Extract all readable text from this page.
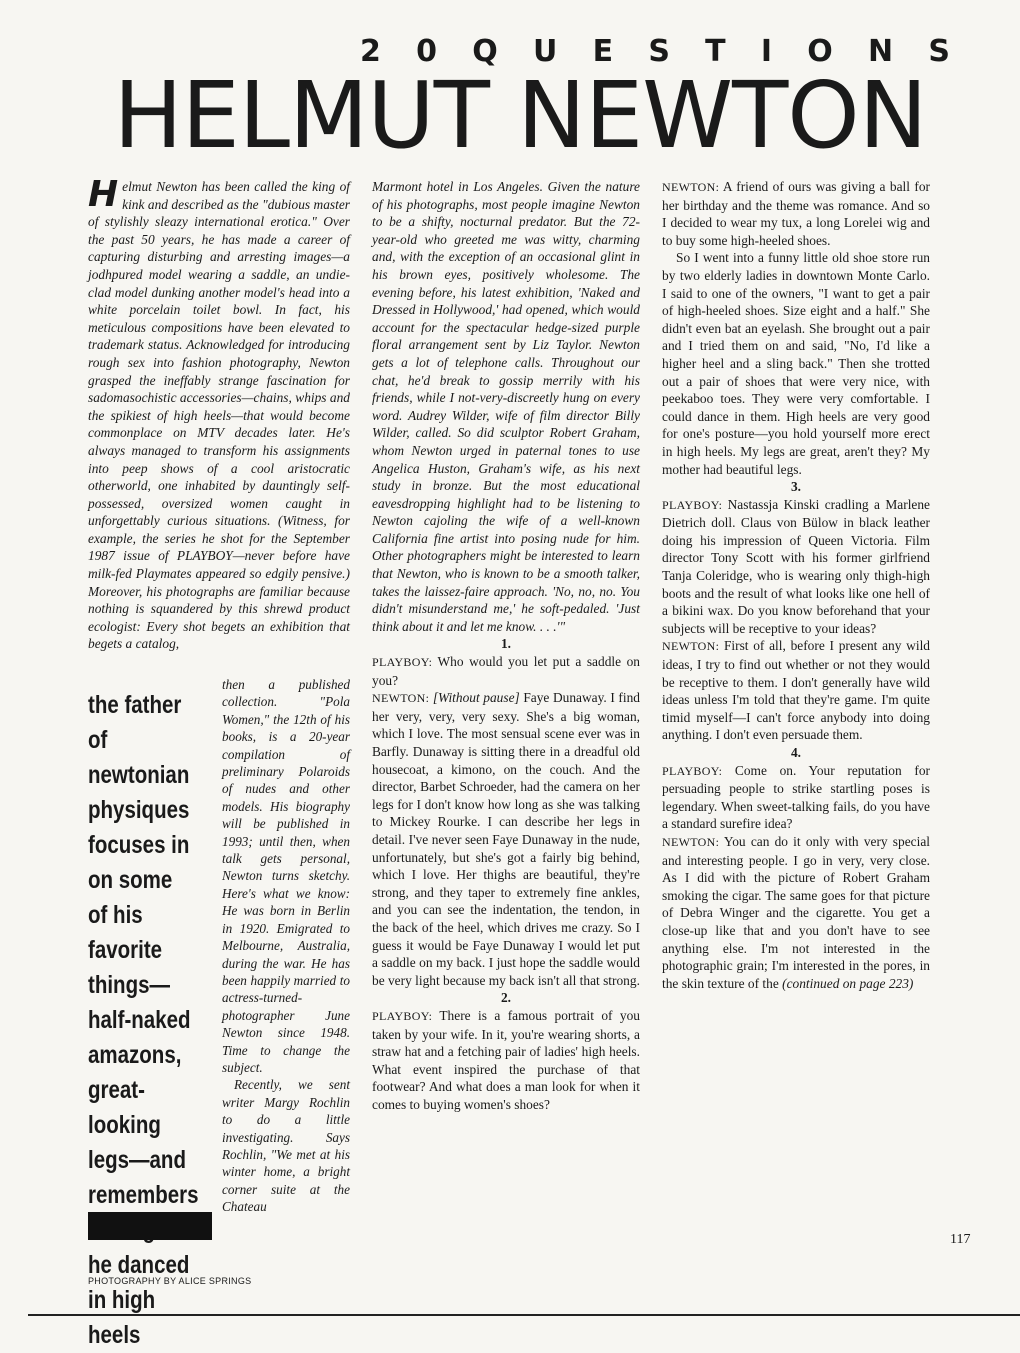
2 0 Q U E S T I O N S
HELMUT NEWTON

Helmut Newton has been called the king of kink and described as the "dubious master of stylishly sleazy international erotica." Over the past 50 years, he has made a career of capturing disturbing and arresting images—a jodhpured model wearing a saddle, an undie-clad model dunking another model's head into a white porcelain toilet bowl. In fact, his meticulous compositions have been elevated to trademark status. Acknowledged for introducing rough sex into fashion photography, Newton grasped the ineffably strange fascination for sadomasochistic accessories—chains, whips and the spikiest of high heels—that would become commonplace on MTV decades later. He's always managed to transform his assignments into peep shows of a cool aristocratic otherworld, one inhabited by dauntingly self-possessed, oversized women caught in unforgettably curious situations. (Witness, for example, the series he shot for the September 1987 issue of PLAYBOY—never before have milk-fed Playmates appeared so edgily pensive.) Moreover, his photographs are familiar because nothing is squandered by this shrewd product ecologist: Every shot begets an exhibition that begets a catalog,

the father of newtonian physiques focuses in on some of his favorite things—half-naked amazons, great-looking legs—and remembers he danced in high heels

then a published collection. "Pola Women," the 12th of his books, is a 20-year compilation of preliminary Polaroids of nudes and other models. His biography will be published in 1993; until then, when talk gets personal, Newton turns sketchy. Here's what we know: He was born in Berlin in 1920. Emigrated to Melbourne, Australia, during the war. He has been happily married to actress-turned-photographer June Newton since 1948. Time to change the subject.

Recently, we sent writer Margy Rochlin to do a little investigating. Says Rochlin, "We met at his winter home, a bright corner suite at the Chateau

Marmont hotel in Los Angeles. Given the nature of his photographs, most people imagine Newton to be a shifty, nocturnal predator. But the 72-year-old who greeted me was witty, charming and, with the exception of an occasional glint in his brown eyes, positively wholesome. The evening before, his latest exhibition, 'Naked and Dressed in Hollywood,' had opened, which would account for the spectacular hedge-sized purple floral arrangement sent by Liz Taylor. Newton gets a lot of telephone calls. Throughout our chat, he'd break to gossip merrily with his friends, while I not-very-discreetly hung on every word. Audrey Wilder, wife of film director Billy Wilder, called. So did sculptor Robert Graham, whom Newton urged in paternal tones to use Angelica Huston, Graham's wife, as his next study in bronze. But the most educational eavesdropping highlight had to be listening to Newton cajoling the wife of a well-known California fine artist into posing nude for him. Other photographers might be interested to learn that Newton, who is known to be a smooth talker, takes the laissez-faire approach. 'No, no, no. You didn't misunderstand me,' he soft-pedaled. 'Just think about it and let me know. . . .'"

1.

PLAYBOY: Who would you let put a saddle on you?

NEWTON: [Without pause] Faye Dunaway. I find her very, very, very sexy. She's a big woman, which I love. The most sensual scene ever was in Barfly. Dunaway is sitting there in a dreadful old housecoat, a kimono, on the couch. And the director, Barbet Schroeder, had the camera on her legs for I don't know how long as she was talking to Mickey Rourke. I can describe her legs in detail. I've never seen Faye Dunaway in the nude, unfortunately, but she's got a fairly big behind, which I love. Her thighs are beautiful, they're strong, and they taper to extremely fine ankles, and you can see the indentation, the tendon, in the back of the heel, which drives me crazy. So I guess it would be Faye Dunaway I would let put a saddle on my back. I just hope the saddle would be very light because my back isn't all that strong.

2.

PLAYBOY: There is a famous portrait of you taken by your wife. In it, you're wearing shorts, a straw hat and a fetching pair of ladies' high heels. What event inspired the purchase of that footwear? And what does a man look for when it comes to buying women's shoes?

NEWTON: A friend of ours was giving a ball for her birthday and the theme was romance. And so I decided to wear my tux, a long Lorelei wig and to buy some high-heeled shoes.

So I went into a funny little old shoe store run by two elderly ladies in downtown Monte Carlo. I said to one of the owners, "I want to get a pair of high-heeled shoes. Size eight and a half." She didn't even bat an eyelash. She brought out a pair and I tried them on and said, "No, I'd like a higher heel and a sling back." Then she trotted out a pair of shoes that were very nice, with peekaboo toes. They were very comfortable. I could dance in them. High heels are very good for one's posture—you hold yourself more erect in high heels. My legs are great, aren't they? My mother had beautiful legs.

3.

PLAYBOY: Nastassja Kinski cradling a Marlene Dietrich doll. Claus von Bülow in black leather doing his impression of Queen Victoria. Film director Tony Scott with his former girlfriend Tanja Coleridge, who is wearing only thigh-high boots and the result of what looks like one hell of a bikini wax. Do you know beforehand that your subjects will be receptive to your ideas?

NEWTON: First of all, before I present any wild ideas, I try to find out whether or not they would be receptive to them. I don't generally have wild ideas unless I'm told that they're game. I'm quite timid myself—I can't force anybody into doing anything. I don't even persuade them.

4.

PLAYBOY: Come on. Your reputation for persuading people to strike startling poses is legendary. When sweet-talking fails, do you have a standard surefire idea?

NEWTON: You can do it only with very special and interesting people. I go in very, very close. As I did with the picture of Robert Graham smoking the cigar. The same goes for that picture of Debra Winger and the cigarette. You get a close-up like that and you don't have to see anything else. I'm not interested in the photographic grain; I'm interested in the pores, in the skin texture of the (continued on page 223)

117
PHOTOGRAPHY BY ALICE SPRINGS
